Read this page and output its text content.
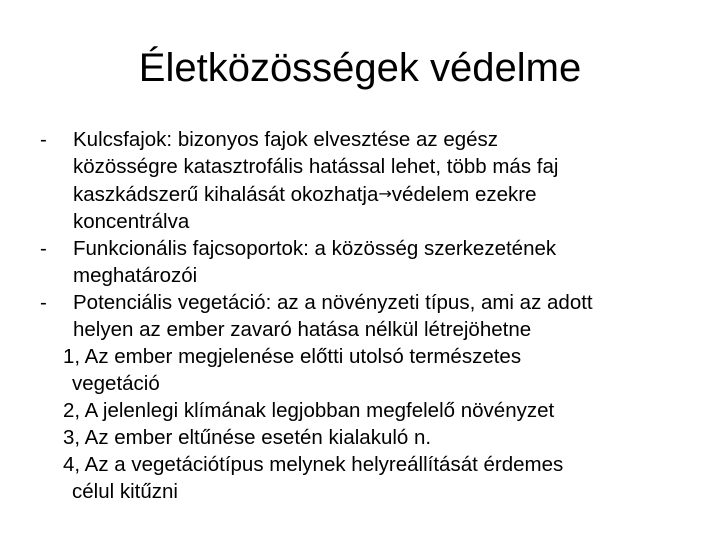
Életközösségek védelme
-	Kulcsfajok: bizonyos fajok elvesztése az egész
közösségre katasztrofális hatással lehet, több más faj
kaszkádszerű kihalását okozhatja→védelem ezekre
koncentrálva
-	Funkcionális fajcsoportok: a közösség szerkezetének
meghatározói
-	Potenciális vegetáció: az a növényzeti típus, ami az adott
helyen az ember zavaró hatása nélkül létrejöhetne
1, Az ember megjelenése előtti utolsó természetes
vegetáció
2, A jelenlegi klímának legjobban megfelelő növényzet
3, Az ember eltűnése esetén kialakuló n.
4, Az a vegetációtípus melynek helyreállítását érdemes
célul kitűzni
